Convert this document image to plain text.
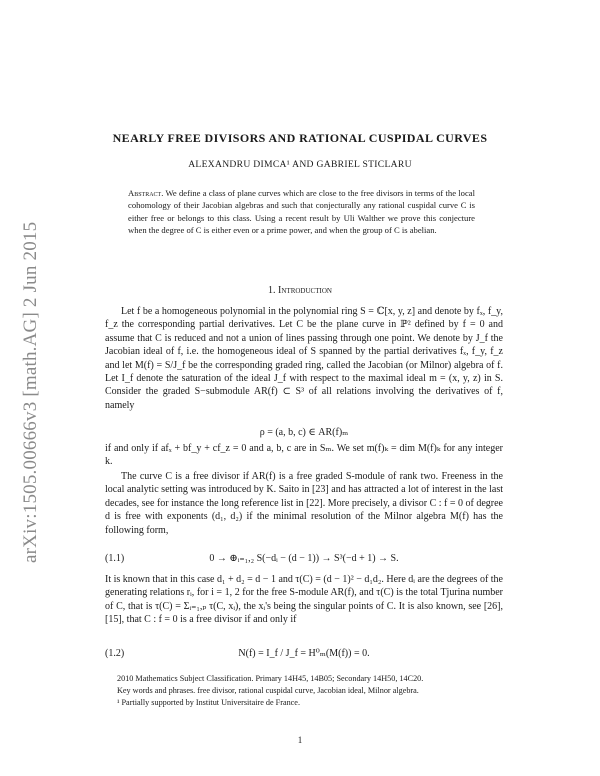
arXiv:1505.00666v3 [math.AG] 2 Jun 2015
NEARLY FREE DIVISORS AND RATIONAL CUSPIDAL CURVES
ALEXANDRU DIMCA¹ AND GABRIEL STICLARU
Abstract. We define a class of plane curves which are close to the free divisors in terms of the local cohomology of their Jacobian algebras and such that conjecturally any rational cuspidal curve C is either free or belongs to this class. Using a recent result by Uli Walther we prove this conjecture when the degree of C is either even or a prime power, and when the group of C is abelian.
1. Introduction
Let f be a homogeneous polynomial in the polynomial ring S = ℂ[x, y, z] and denote by fₓ, f_y, f_z the corresponding partial derivatives. Let C be the plane curve in ℙ² defined by f = 0 and assume that C is reduced and not a union of lines passing through one point. We denote by J_f the Jacobian ideal of f, i.e. the homogeneous ideal of S spanned by the partial derivatives fₓ, f_y, f_z and let M(f) = S/J_f be the corresponding graded ring, called the Jacobian (or Milnor) algebra of f. Let I_f denote the saturation of the ideal J_f with respect to the maximal ideal m = (x, y, z) in S. Consider the graded S−submodule AR(f) ⊂ S³ of all relations involving the derivatives of f, namely
ρ = (a, b, c) ∈ AR(f)ₘ
if and only if afₓ + bf_y + cf_z = 0 and a, b, c are in Sₘ. We set m(f)ₖ = dim M(f)ₖ for any integer k.
The curve C is a free divisor if AR(f) is a free graded S-module of rank two. Freeness in the local analytic setting was introduced by K. Saito in [23] and has attracted a lot of interest in the last decades, see for instance the long reference list in [22]. More precisely, a divisor C : f = 0 of degree d is free with exponents (d₁, d₂) if the minimal resolution of the Milnor algebra M(f) has the following form,
(1.1)	0 → ⊕ᵢ₌₁,₂ S(−dᵢ − (d − 1)) → S³(−d + 1) → S.
It is known that in this case d₁ + d₂ = d − 1 and τ(C) = (d − 1)² − d₁d₂. Here dᵢ are the degrees of the generating relations rᵢ, for i = 1, 2 for the free S-module AR(f), and τ(C) is the total Tjurina number of C, that is τ(C) = Σᵢ₌₁,ₚ τ(C, xᵢ), the xᵢ's being the singular points of C. It is also known, see [26], [15], that C : f = 0 is a free divisor if and only if
(1.2)	N(f) = I_f / J_f = H⁰ₘ(M(f)) = 0.
2010 Mathematics Subject Classification. Primary 14H45, 14B05; Secondary 14H50, 14C20.
Key words and phrases. free divisor, rational cuspidal curve, Jacobian ideal, Milnor algebra.
¹ Partially supported by Institut Universitaire de France.
1
